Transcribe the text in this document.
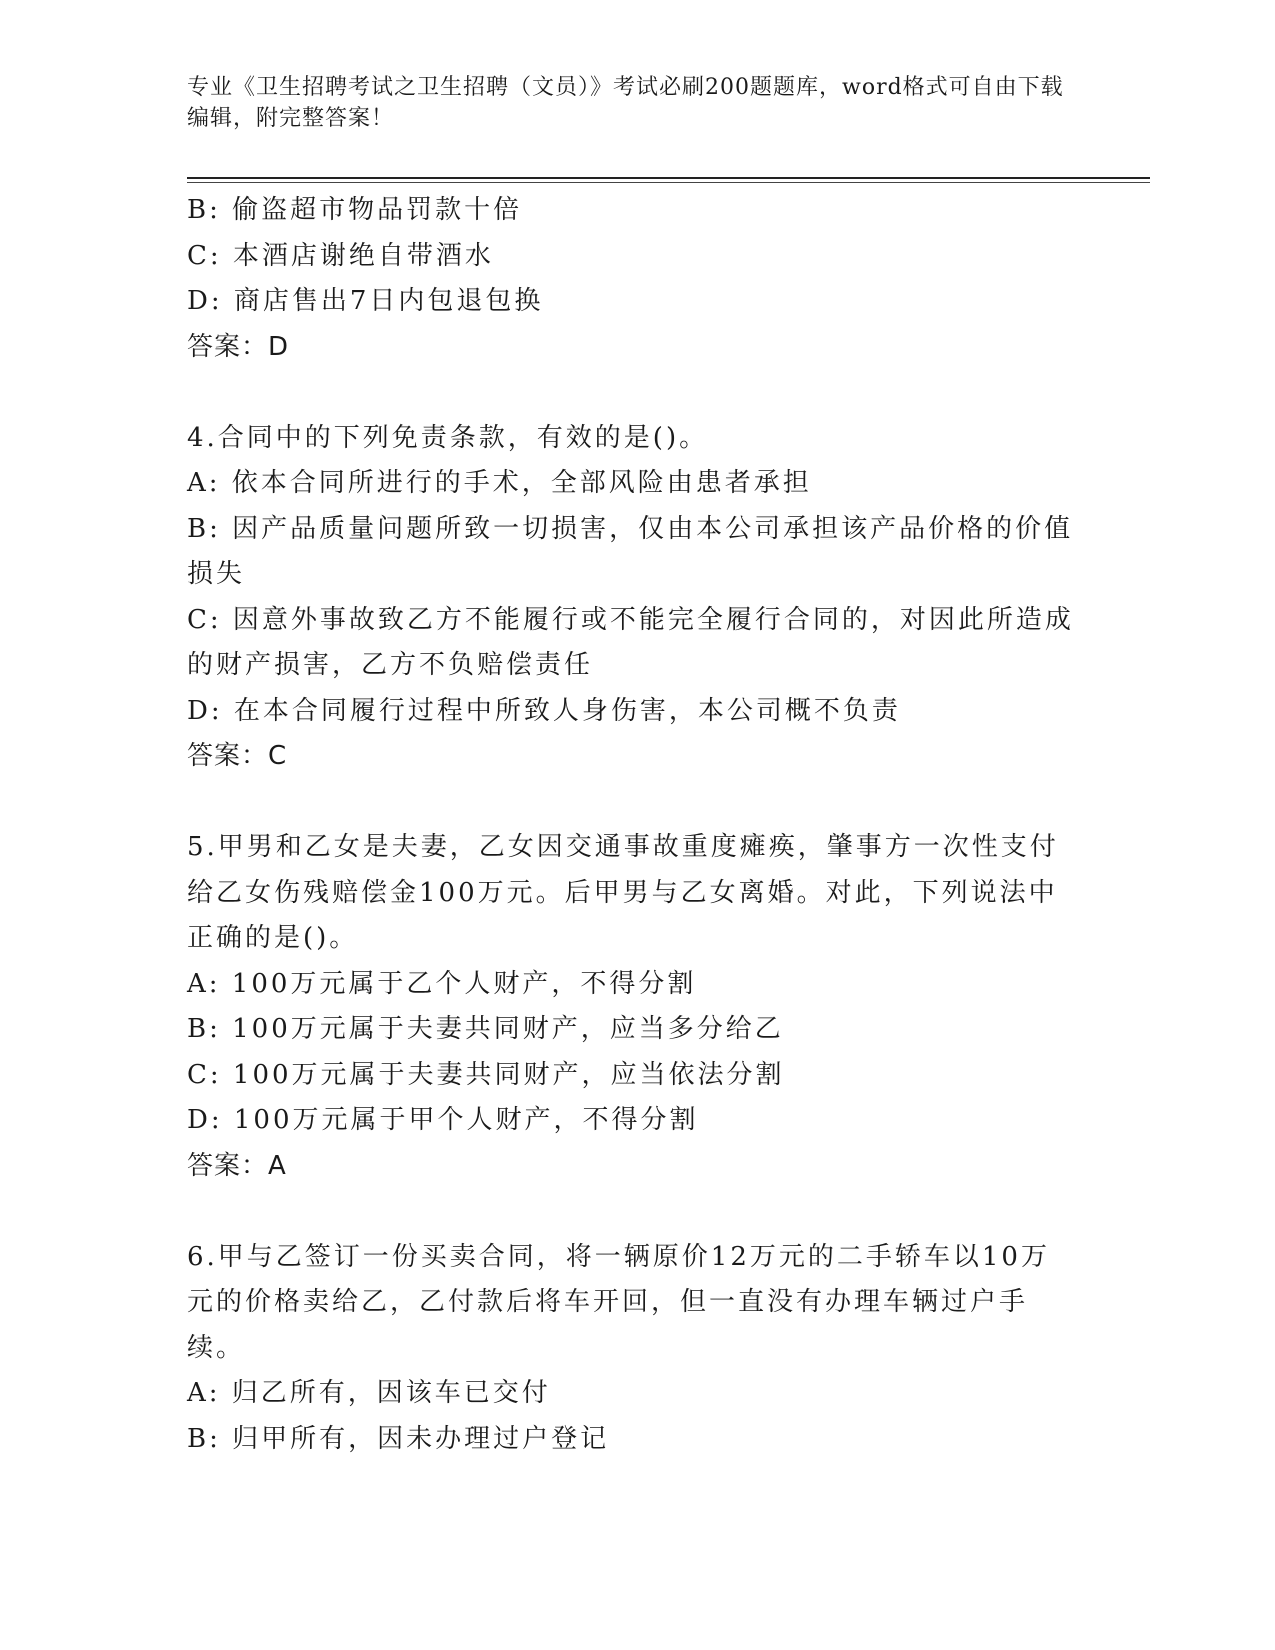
专业《卫生招聘考试之卫生招聘（文员）》考试必刷200题题库，word格式可自由下载编辑，附完整答案！
B: 偷盗超市物品罚款十倍
C: 本酒店谢绝自带酒水
D: 商店售出7日内包退包换
答案：D
4.合同中的下列免责条款，有效的是()。
A: 依本合同所进行的手术，全部风险由患者承担
B: 因产品质量问题所致一切损害，仅由本公司承担该产品价格的价值损失
C: 因意外事故致乙方不能履行或不能完全履行合同的，对因此所造成的财产损害，乙方不负赔偿责任
D: 在本合同履行过程中所致人身伤害，本公司概不负责
答案：C
5.甲男和乙女是夫妻，乙女因交通事故重度瘫痪，肇事方一次性支付给乙女伤残赔偿金100万元。后甲男与乙女离婚。对此，下列说法中正确的是()。
A: 100万元属于乙个人财产，不得分割
B: 100万元属于夫妻共同财产，应当多分给乙
C: 100万元属于夫妻共同财产，应当依法分割
D: 100万元属于甲个人财产，不得分割
答案：A
6.甲与乙签订一份买卖合同，将一辆原价12万元的二手轿车以10万元的价格卖给乙，乙付款后将车开回，但一直没有办理车辆过户手续。
A: 归乙所有，因该车已交付
B: 归甲所有，因未办理过户登记
